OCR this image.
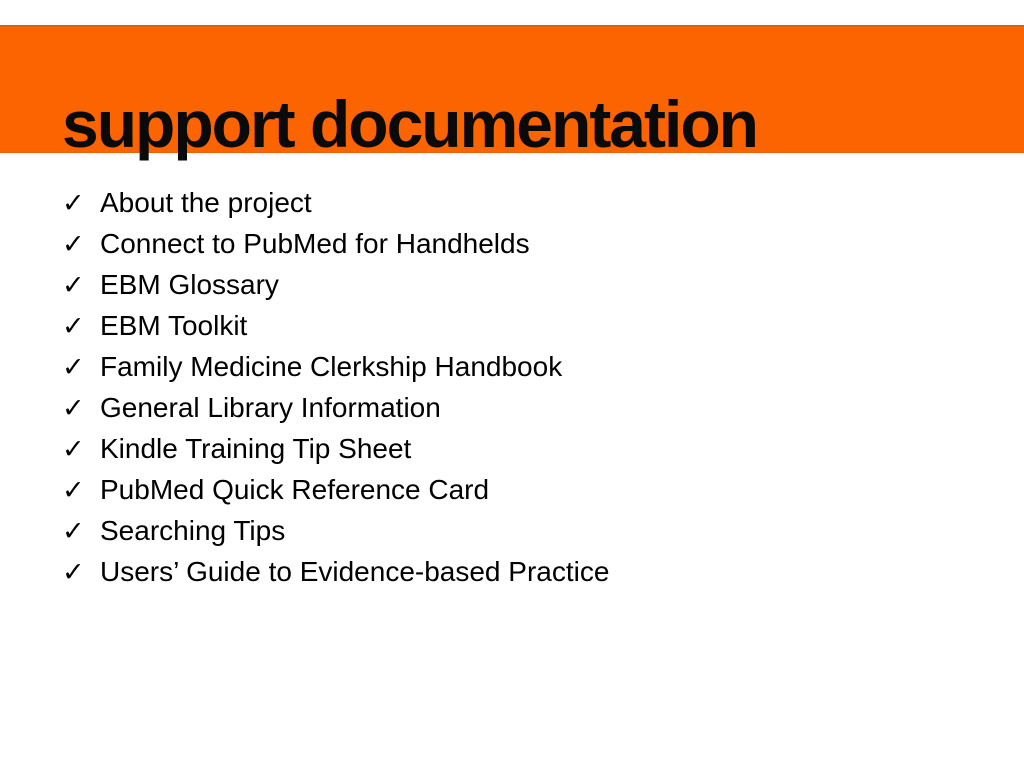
support documentation
✓ About the project
✓ Connect to PubMed for Handhelds
✓ EBM Glossary
✓ EBM Toolkit
✓ Family Medicine Clerkship Handbook
✓ General Library Information
✓ Kindle Training Tip Sheet
✓ PubMed Quick Reference Card
✓ Searching Tips
✓ Users’ Guide to Evidence-based Practice
